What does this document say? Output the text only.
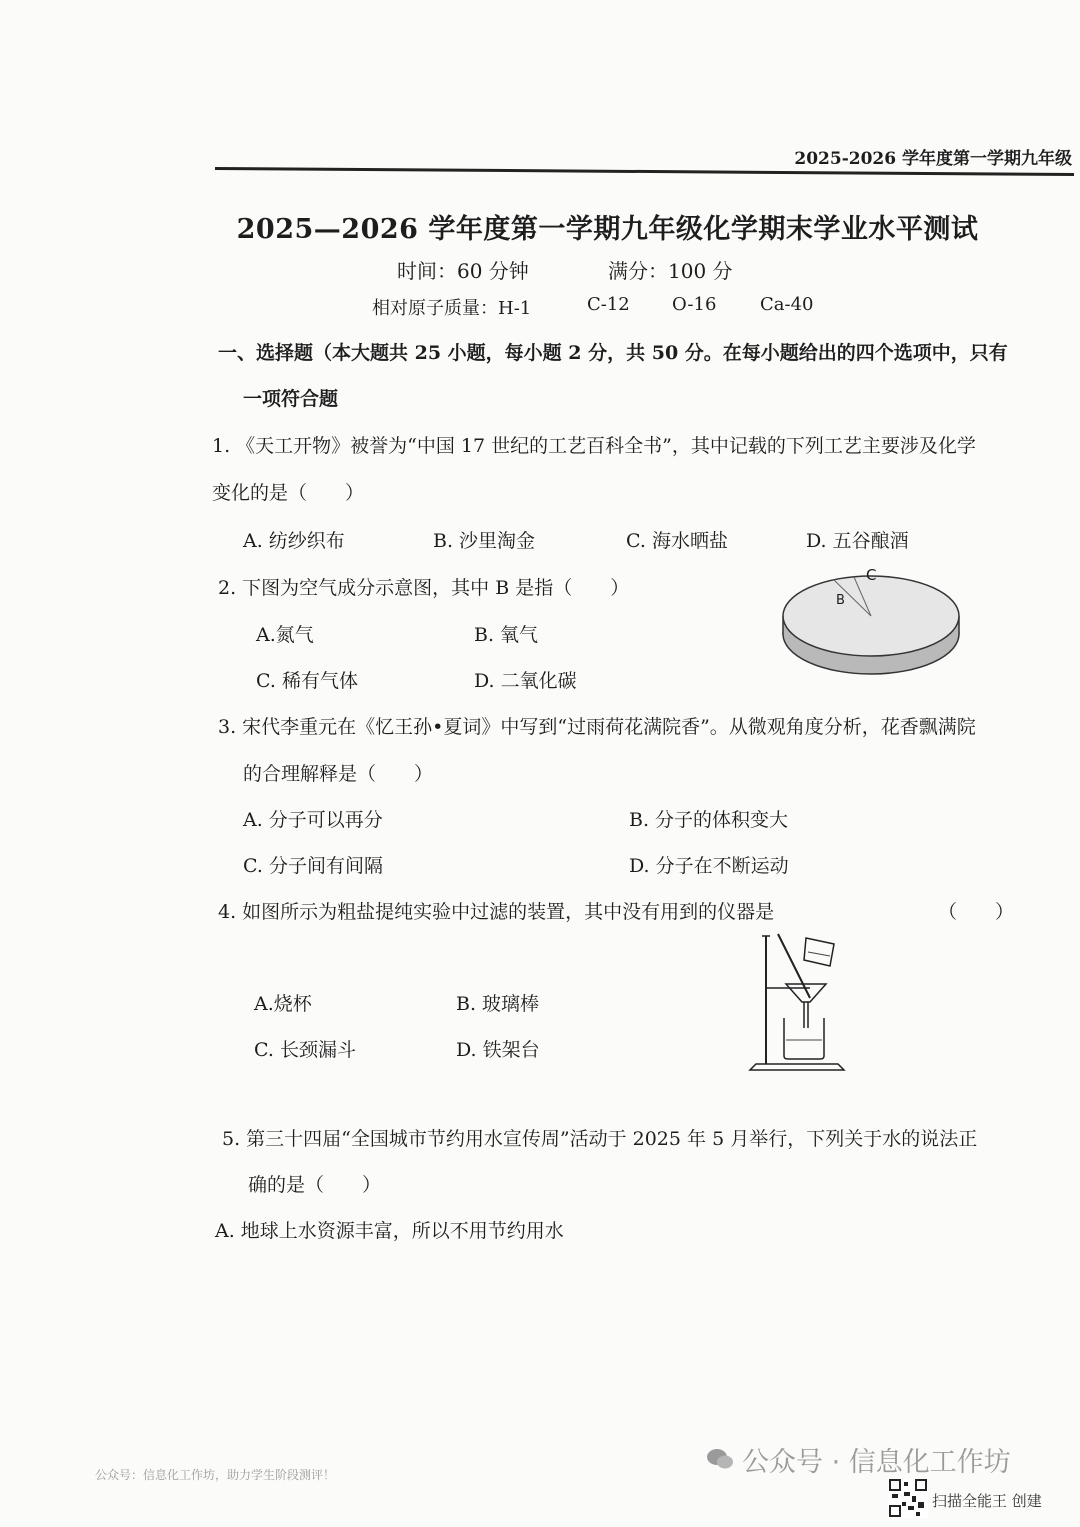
2025-2026 学年度第一学期九年级
2025—2026 学年度第一学期九年级化学期末学业水平测试
时间：60 分钟	满分：100 分
相对原子质量：H-1	C-12 O-16 Ca-40
一、选择题（本大题共 25 小题，每小题 2 分，共 50 分。在每小题给出的四个选项中，只有
一项符合题
1. 《天工开物》被誉为“中国 17 世纪的工艺百科全书”，其中记载的下列工艺主要涉及化学
变化的是（　　）
A. 纺纱织布	B. 沙里淘金	C. 海水晒盐	D. 五谷酿酒
2. 下图为空气成分示意图，其中 B 是指（　　）
A.氮气	B. 氧气
C. 稀有气体	D. 二氧化碳
B
C
3. 宋代李重元在《忆王孙•夏词》中写到“过雨荷花满院香”。从微观角度分析，花香飘满院
的合理解释是（　　）
A. 分子可以再分	B. 分子的体积变大
C. 分子间有间隔	D. 分子在不断运动
4. 如图所示为粗盐提纯实验中过滤的装置，其中没有用到的仪器是	（　　）
A.烧杯	B. 玻璃棒
C. 长颈漏斗	D. 铁架台
5. 第三十四届“全国城市节约用水宣传周”活动于 2025 年 5 月举行，下列关于水的说法正
确的是（　　）
A. 地球上水资源丰富，所以不用节约用水
公众号：信息化工作坊，助力学生阶段测评！	公众号 · 信息化工作坊
扫描全能王 创建
